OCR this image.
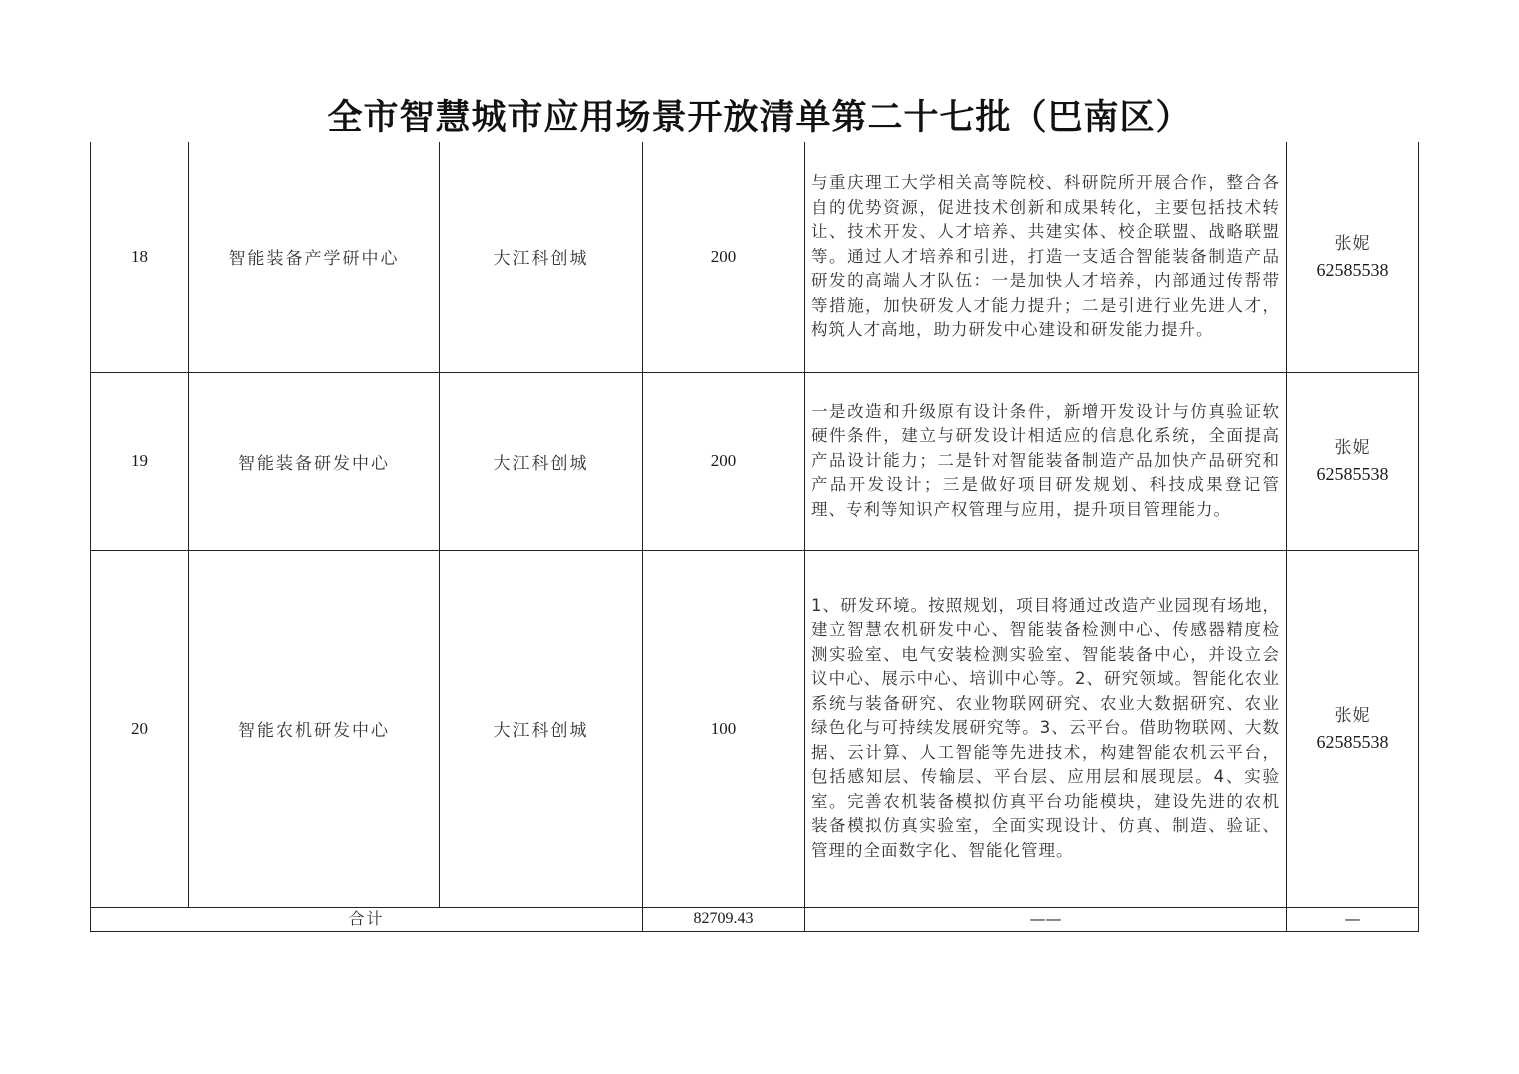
全市智慧城市应用场景开放清单第二十七批（巴南区）
18	智能装备产学研中心	大江科创城	200	与重庆理工大学相关高等院校、科研院所开展合作，整合各自的优势资源，促进技术创新和成果转化，主要包括技术转让、技术开发、人才培养、共建实体、校企联盟、战略联盟等。通过人才培养和引进，打造一支适合智能装备制造产品研发的高端人才队伍：一是加快人才培养，内部通过传帮带等措施，加快研发人才能力提升；二是引进行业先进人才，构筑人才高地，助力研发中心建设和研发能力提升。	张妮
62585538

19	智能装备研发中心	大江科创城	200	一是改造和升级原有设计条件，新增开发设计与仿真验证软硬件条件，建立与研发设计相适应的信息化系统，全面提高产品设计能力；二是针对智能装备制造产品加快产品研究和产品开发设计；三是做好项目研发规划、科技成果登记管理、专利等知识产权管理与应用，提升项目管理能力。	张妮
62585538

20	智能农机研发中心	大江科创城	100	1、研发环境。按照规划，项目将通过改造产业园现有场地，建立智慧农机研发中心、智能装备检测中心、传感器精度检测实验室、电气安装检测实验室、智能装备中心，并设立会议中心、展示中心、培训中心等。2、研究领域。智能化农业系统与装备研究、农业物联网研究、农业大数据研究、农业绿色化与可持续发展研究等。3、云平台。借助物联网、大数据、云计算、人工智能等先进技术，构建智能农机云平台，包括感知层、传输层、平台层、应用层和展现层。4、实验室。完善农机装备模拟仿真平台功能模块，建设先进的农机装备模拟仿真实验室，全面实现设计、仿真、制造、验证、管理的全面数字化、智能化管理。	张妮
62585538

合计			82709.43	——	—
